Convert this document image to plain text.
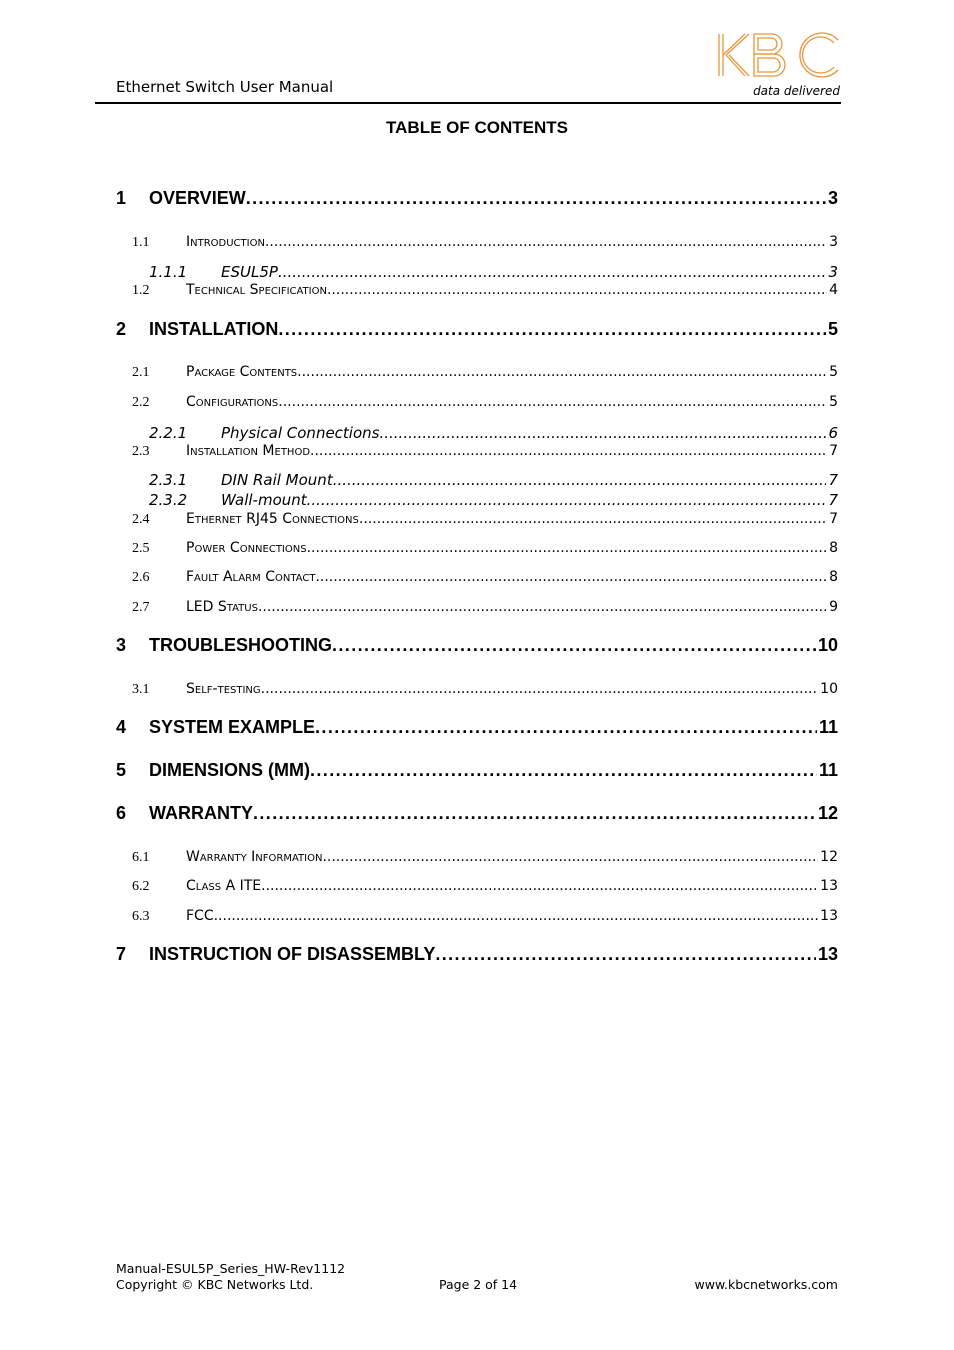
Ethernet Switch User Manual	data delivered
TABLE OF CONTENTS
1	OVERVIEW .....	3
1.1	Introduction .....	3
1.1.1	ESUL5P .....	3
1.2	Technical Specification .....	4
2	INSTALLATION .....	5
2.1	Package Contents .....	5
2.2	Configurations .....	5
2.2.1	Physical Connections .....	6
2.3	Installation Method .....	7
2.3.1	DIN Rail Mount .....	7
2.3.2	Wall-mount .....	7
2.4	Ethernet RJ45 Connections .....	7
2.5	Power Connections .....	8
2.6	Fault Alarm Contact .....	8
2.7	LED Status .....	9
3	TROUBLESHOOTING .....	10
3.1	Self-testing .....	10
4	SYSTEM EXAMPLE .....	11
5	DIMENSIONS (MM) .....	11
6	WARRANTY .....	12
6.1	Warranty Information .....	12
6.2	Class A ITE .....	13
6.3	FCC .....	13
7	INSTRUCTION OF DISASSEMBLY .....	13
Manual-ESUL5P_Series_HW-Rev1112
Copyright © KBC Networks Ltd.	Page 2 of 14	www.kbcnetworks.com
